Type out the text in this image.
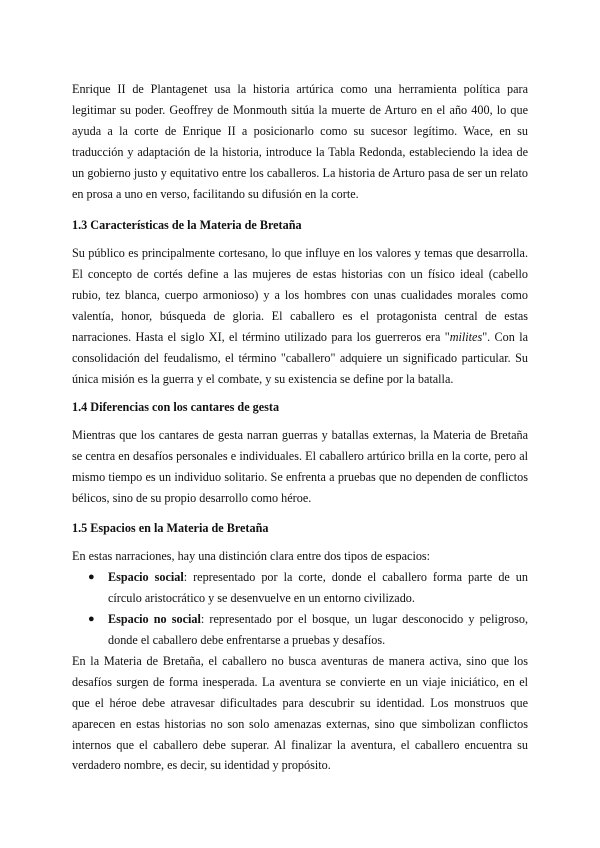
Enrique II de Plantagenet usa la historia artúrica como una herramienta política para legitimar su poder. Geoffrey de Monmouth sitúa la muerte de Arturo en el año 400, lo que ayuda a la corte de Enrique II a posicionarlo como su sucesor legítimo. Wace, en su traducción y adaptación de la historia, introduce la Tabla Redonda, estableciendo la idea de un gobierno justo y equitativo entre los caballeros. La historia de Arturo pasa de ser un relato en prosa a uno en verso, facilitando su difusión en la corte.

1.3 Características de la Materia de Bretaña

Su público es principalmente cortesano, lo que influye en los valores y temas que desarrolla. El concepto de cortés define a las mujeres de estas historias con un físico ideal (cabello rubio, tez blanca, cuerpo armonioso) y a los hombres con unas cualidades morales como valentía, honor, búsqueda de gloria. El caballero es el protagonista central de estas narraciones. Hasta el siglo XI, el término utilizado para los guerreros era "milites". Con la consolidación del feudalismo, el término "caballero" adquiere un significado particular. Su única misión es la guerra y el combate, y su existencia se define por la batalla.

1.4 Diferencias con los cantares de gesta

Mientras que los cantares de gesta narran guerras y batallas externas, la Materia de Bretaña se centra en desafíos personales e individuales. El caballero artúrico brilla en la corte, pero al mismo tiempo es un individuo solitario. Se enfrenta a pruebas que no dependen de conflictos bélicos, sino de su propio desarrollo como héroe.

1.5 Espacios en la Materia de Bretaña

En estas narraciones, hay una distinción clara entre dos tipos de espacios:

● Espacio social: representado por la corte, donde el caballero forma parte de un círculo aristocrático y se desenvuelve en un entorno civilizado.
● Espacio no social: representado por el bosque, un lugar desconocido y peligroso, donde el caballero debe enfrentarse a pruebas y desafíos.

En la Materia de Bretaña, el caballero no busca aventuras de manera activa, sino que los desafíos surgen de forma inesperada. La aventura se convierte en un viaje iniciático, en el que el héroe debe atravesar dificultades para descubrir su identidad. Los monstruos que aparecen en estas historias no son solo amenazas externas, sino que simbolizan conflictos internos que el caballero debe superar. Al finalizar la aventura, el caballero encuentra su verdadero nombre, es decir, su identidad y propósito.
